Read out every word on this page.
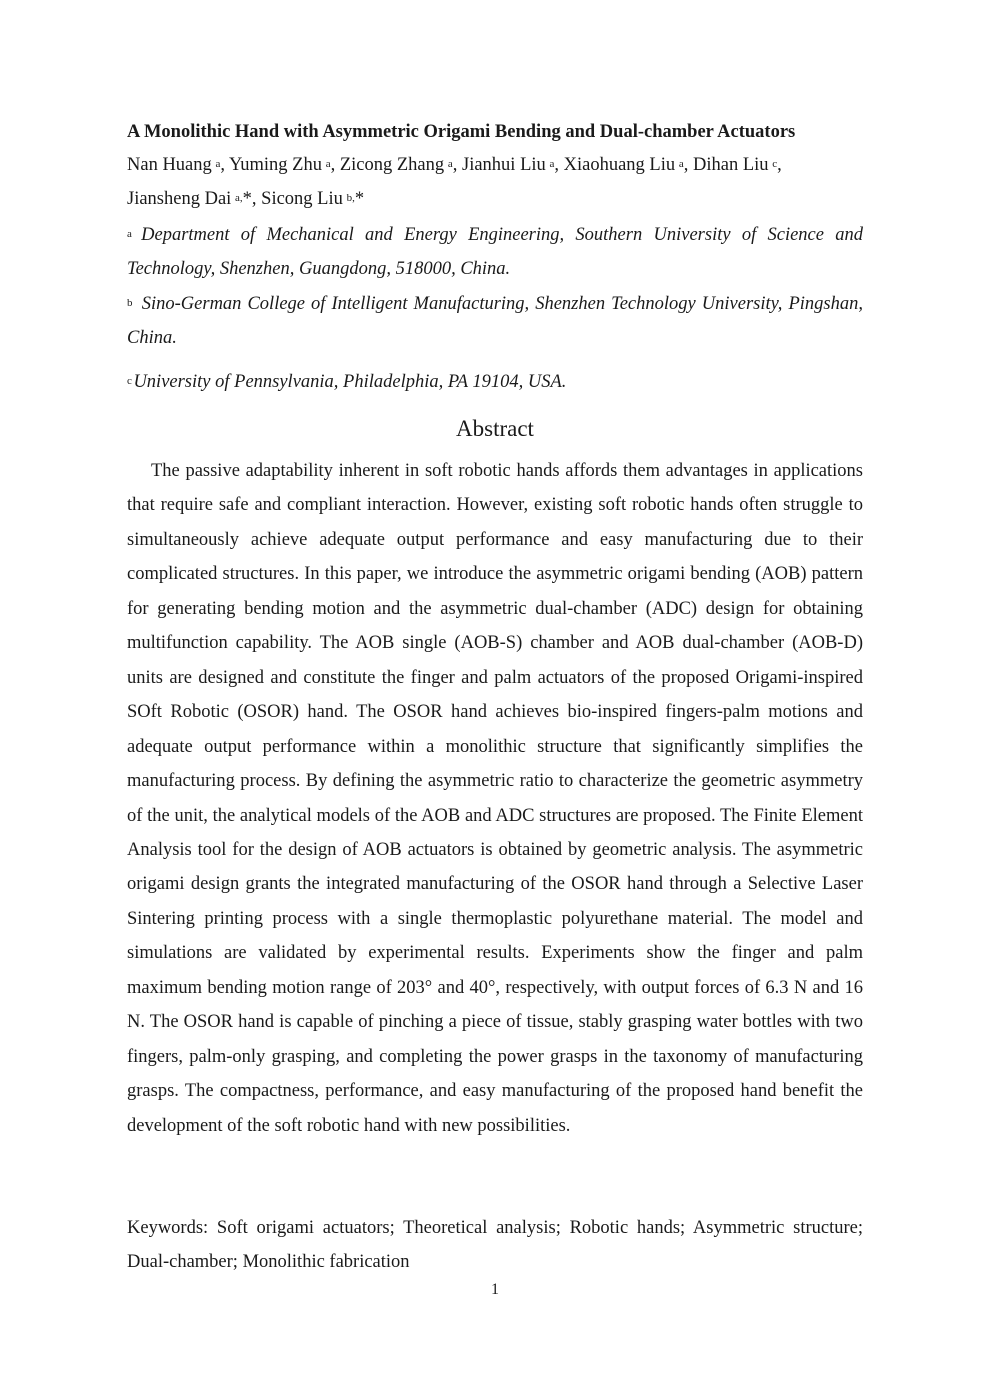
A Monolithic Hand with Asymmetric Origami Bending and Dual-chamber Actuators
Nan Huang  $^a$, Yuming Zhu  $^a$, Zicong Zhang  $^a$, Jianhui Liu  $^a$, Xiaohuang Liu  $^a$, Dihan Liu  $^c$,
Jiansheng Dai  $^{a,}$*, Sicong Liu  $^{b,}$*
$^a$  Department of Mechanical and Energy Engineering, Southern University of Science and Technology, Shenzhen, Guangdong, 518000, China.
$^b$  Sino-German College of Intelligent Manufacturing, Shenzhen Technology University, Pingshan, China.
$^c$ University of Pennsylvania, Philadelphia, PA 19104, USA.
Abstract

The passive adaptability inherent in soft robotic hands affords them advantages in applications that require safe and compliant interaction. However, existing soft robotic hands often struggle to simultaneously achieve adequate output performance and easy manufacturing due to their complicated structures. In this paper, we introduce the asymmetric origami bending (AOB) pattern for generating bending motion and the asymmetric dual-chamber (ADC) design for obtaining multifunction capability. The AOB single (AOB-S) chamber and AOB dual-chamber (AOB-D) units are designed and constitute the finger and palm actuators of the proposed Origami-inspired SOft Robotic (OSOR) hand. The OSOR hand achieves bio-inspired fingers-palm motions and adequate output performance within a monolithic structure that significantly simplifies the manufacturing process. By defining the asymmetric ratio to characterize the geometric asymmetry of the unit, the analytical models of the AOB and ADC structures are proposed. The Finite Element Analysis tool for the design of AOB actuators is obtained by geometric analysis. The asymmetric origami design grants the integrated manufacturing of the OSOR hand through a Selective Laser Sintering printing process with a single thermoplastic polyurethane material. The model and simulations are validated by experimental results. Experiments show the finger and palm maximum bending motion range of 203° and 40°, respectively, with output forces of 6.3 N and 16 N. The OSOR hand is capable of pinching a piece of tissue, stably grasping water bottles with two fingers, palm-only grasping, and completing the power grasps in the taxonomy of manufacturing grasps. The compactness, performance, and easy manufacturing of the proposed hand benefit the development of the soft robotic hand with new possibilities.

Keywords: Soft origami actuators; Theoretical analysis; Robotic hands; Asymmetric structure; Dual-chamber; Monolithic fabrication

1
